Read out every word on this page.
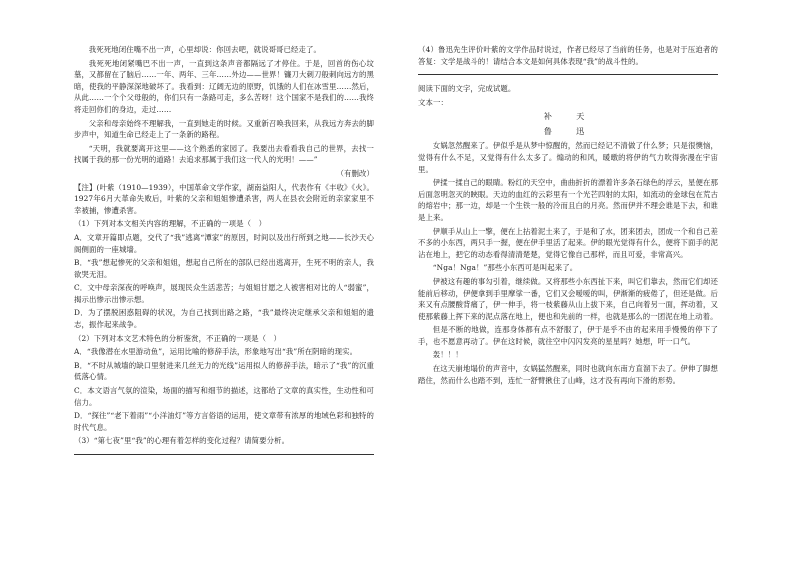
我死死地闭住嘴不出一声，心里却说：你回去吧，就说哥哥已经走了。

我死死地闭紧嘴巴不出一声，一直到这条声音都隔远了才停住。于是，回首的伤心坟墓，又都留在了脑后……一年、两年、三年……外边——世界！镰刀大刺刀般刺向远方的黑暗，使我的平静深深地破坏了。我看到：辽阔无边的原野，饥饿的人们在冰雪里……然后，从此……一个个父母般的，你们只有一条路可走，多么苦呀！这个国家不是我们的……我终将走回你们的身边，走过……

父亲和母亲始终不理解我，一直到她走的时候。又重新召唤我回来，从我远方奔去的脚步声中，知道生命已经走上了一条新的路程。

“天明，我就要离开这里——这个熟悉的家园了。我要出去看看我自己的世界，去找一找属于我的那一份光明的道路！去追求那属于我们这一代人的光明！——”

（有删改）

【注】(叶紫（1910—1939），中国革命文学作家，湖南益阳人，代表作有《丰收》《火》。1927年6月大革命失败后，叶紫的父亲和姐姐惨遭杀害，两人在县衣会附近的亲家家里不幸被捕，惨遭杀害。

（1）下列对本文相关内容的理解，不正确的一项是（　）

A．文章开篇即点题，交代了“我”逃离“潭家”的原因，时间以及出行所到之地——长沙天心阁侧面的一座城墙。

B．“我”想起惨死的父亲和姐姐，想起自己所在的部队已经出逃离开，生死不明的亲人，我欲哭无泪。

C．文中母亲深夜的呼唤声，展现民众生活悲苦；与姐姐甘愿之人被害相对比的人“弱蜜”，揭示出惨示出惨示想。

D．为了摆脱困惑阻碍的状况，为自己找到出路之路，“我”最终决定继承父亲和姐姐的遗志，振作起来战争。

（2）下列对本文艺术特色的分析鉴赏，不正确的一项是（　）

A．“我像潜在水里游动鱼”，运用比喻的修辞手法，形象地写出“我”所在阴暗的现实。

B．“不时从城墙的缺口里射进来几丝无力的光线”运用拟人的修辞手法，暗示了“我”的沉重低落心情。

C．本文语言气氛的渲染，场面的描写和细节的描述，这都给了文章的真实性，生动性和可信力。

D．“探往”“老下着雨”“小洋油灯”等方言俗语的运用，使文章带有浓厚的地域色彩和独特的时代气息。

（3）“第七夜”里“我”的心理有着怎样的变化过程？请简要分析。

（4）鲁迅先生评价叶紫的文学作品时说过，作者已经尽了当前的任务，也是对于压迫者的答复：文学是战斗的！请结合本文是如何具体表现“我”的战斗性的。

阅读下面的文字，完成试题。

文本一：

补　天

鲁　迅

女娲忽然醒来了。伊似乎是从梦中惊醒的，然而已经记不清做了什么梦；只是很懊恼，觉得有什么不足，又觉得有什么太多了。煽动的和风，暖暾的将伊的气力吹得弥漫在宇宙里。

伊揉一揉自己的眼睛。粉红的天空中，曲曲折折的漂着许多条石绿色的浮云，星便在那后面忽明忽灭的䀹眼。天边的血红的云彩里有一个光芒四射的太阳，如流动的金球包在荒古的熔岩中；那一边，却是一个生铁一般的冷而且白的月亮。然而伊并不理会谁是下去，和谁是上来。

伊顺手从山上一擎，便在上拈着泥土来了，于是和了水，团来团去，团成一个和自己差不多的小东西，两只手一握，便在伊手里活了起来。伊的眼光觉得有什么，便将下面手的泥沾在地上，把它的动态看得清清楚楚，觉得它像自己那样，而且可爱，非常高兴。

“Nga！Nga！”那些小东西可是叫起来了。

伊被这有趣的事勾引着，继续做。又将那些小东西扯下来，叫它们靠去，然而它们却还能前后移动，伊便拿到手里摩挲一番，它们又会嗳嗳的叫，伊渐渐的疲倦了，但还是做。后来又有点腰酸背痛了，伊一伸手，将一枝紫藤从山上拔下来，自己向着另一面，挥动着，又使那紫藤上挥下来的泥点落在地上，便也和先前的一样，也就是那么的一团泥在地上动着。

但是不断的地做，连那身体都有点不舒服了，伊于是乎不由的起来用手慢慢的停下了手，也不愿意再动了。伊在这时候，就往空中闪闪发亮的星星吗？她想，吁一口气。

轰！！！

在这天崩地塌价的声音中，女娲猛然醒来，同时也就向东南方直溜下去了。伊伸了脚想踏住，然而什么也踏不到，连忙一舒臂揪住了山峰，这才没有再向下滑的形势。
